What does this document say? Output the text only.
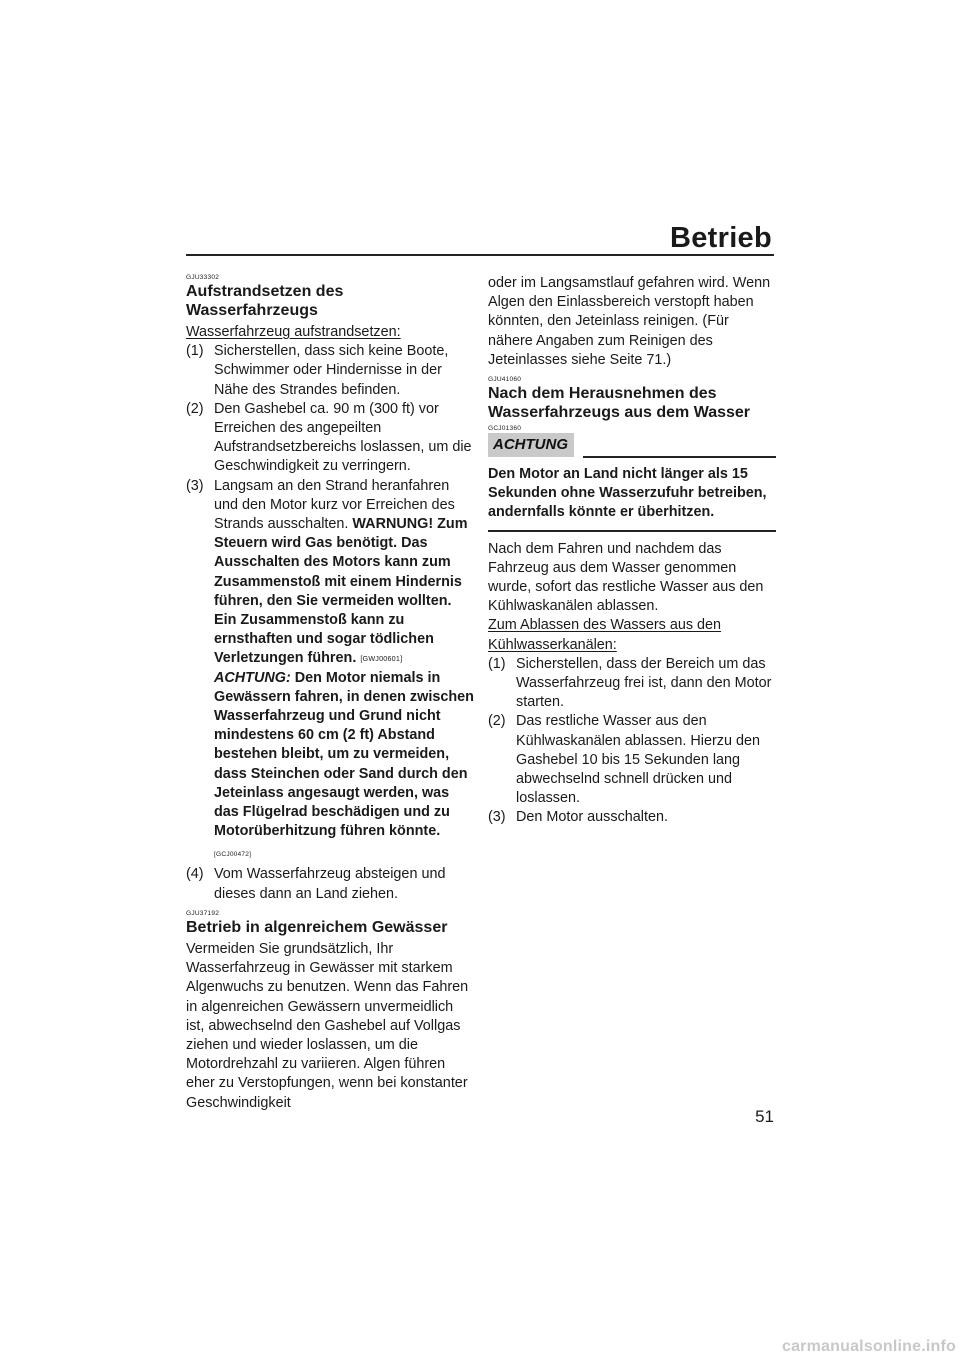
Betrieb
GJU33302
Aufstrandsetzen des Wasserfahrzeugs

Wasserfahrzeug aufstrandsetzen:

(1) Sicherstellen, dass sich keine Boote, Schwimmer oder Hindernisse in der Nähe des Strandes befinden.
(2) Den Gashebel ca. 90 m (300 ft) vor Erreichen des angepeilten Aufstrandsetzbereichs loslassen, um die Geschwindigkeit zu verringern.
(3) Langsam an den Strand heranfahren und den Motor kurz vor Erreichen des Strands ausschalten. WARNUNG! Zum Steuern wird Gas benötigt. Das Ausschalten des Motors kann zum Zusammenstoß mit einem Hindernis führen, den Sie vermeiden wollten. Ein Zusammenstoß kann zu ernsthaften und sogar tödlichen Verletzungen führen. [GWJ00601] ACHTUNG: Den Motor niemals in Gewässern fahren, in denen zwischen Wasserfahrzeug und Grund nicht mindestens 60 cm (2 ft) Abstand bestehen bleibt, um zu vermeiden, dass Steinchen oder Sand durch den Jeteinlass angesaugt werden, was das Flügelrad beschädigen und zu Motorüberhitzung führen könnte.
[GCJ00472]
(4) Vom Wasserfahrzeug absteigen und dieses dann an Land ziehen.
GJU37192
Betrieb in algenreichem Gewässer

Vermeiden Sie grundsätzlich, Ihr Wasserfahrzeug in Gewässer mit starkem Algenwuchs zu benutzen. Wenn das Fahren in algenreichen Gewässern unvermeidlich ist, abwechselnd den Gashebel auf Vollgas ziehen und wieder loslassen, um die Motordrehzahl zu variieren. Algen führen eher zu Verstopfungen, wenn bei konstanter Geschwindigkeit

oder im Langsamstlauf gefahren wird. Wenn Algen den Einlassbereich verstopft haben könnten, den Jeteinlass reinigen. (Für nähere Angaben zum Reinigen des Jeteinlasses siehe Seite 71.)

GJU41060
Nach dem Herausnehmen des Wasserfahrzeugs aus dem Wasser
GCJ01360
ACHTUNG

Den Motor an Land nicht länger als 15 Sekunden ohne Wasserzufuhr betreiben, andernfalls könnte er überhitzen.

Nach dem Fahren und nachdem das Fahrzeug aus dem Wasser genommen wurde, sofort das restliche Wasser aus den Kühlwaskanälen ablassen.

Zum Ablassen des Wassers aus den Kühlwasserkanälen:

(1) Sicherstellen, dass der Bereich um das Wasserfahrzeug frei ist, dann den Motor starten.
(2) Das restliche Wasser aus den Kühlwaskanälen ablassen. Hierzu den Gashebel 10 bis 15 Sekunden lang abwechselnd schnell drücken und loslassen.
(3) Den Motor ausschalten.
51
carmanualsonline.info
